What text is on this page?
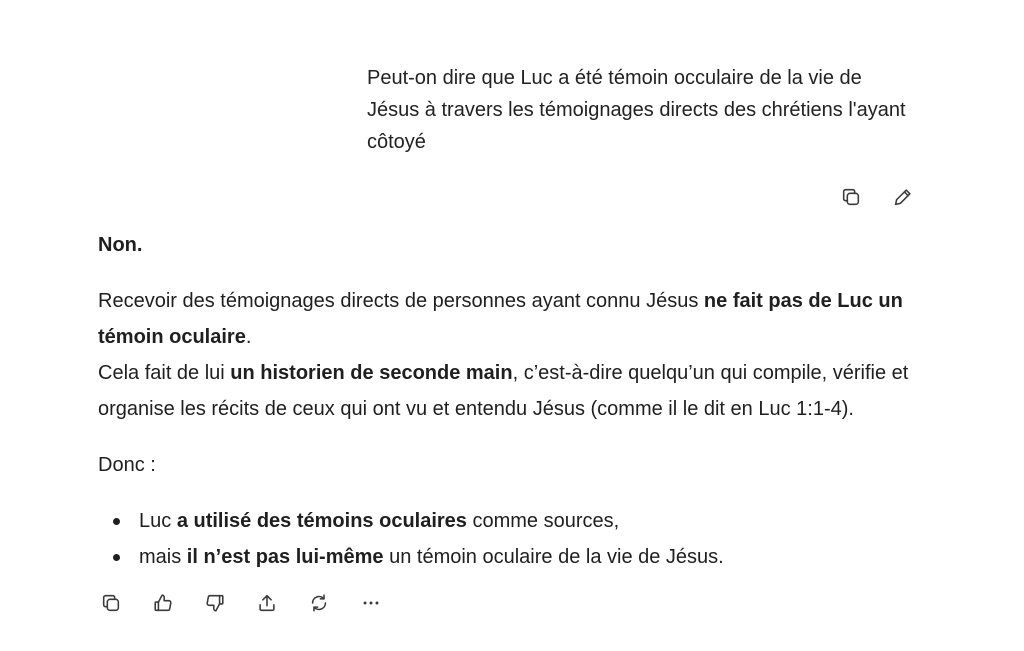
Peut-on dire que Luc a été témoin occulaire de la vie de Jésus à travers les témoignages directs des chrétiens l'ayant côtoyé

Non.

Recevoir des témoignages directs de personnes ayant connu Jésus ne fait pas de Luc un témoin oculaire.
Cela fait de lui un historien de seconde main, c’est-à-dire quelqu’un qui compile, vérifie et organise les récits de ceux qui ont vu et entendu Jésus (comme il le dit en Luc 1:1-4).

Donc :

Luc a utilisé des témoins oculaires comme sources,
mais il n’est pas lui-même un témoin oculaire de la vie de Jésus.
